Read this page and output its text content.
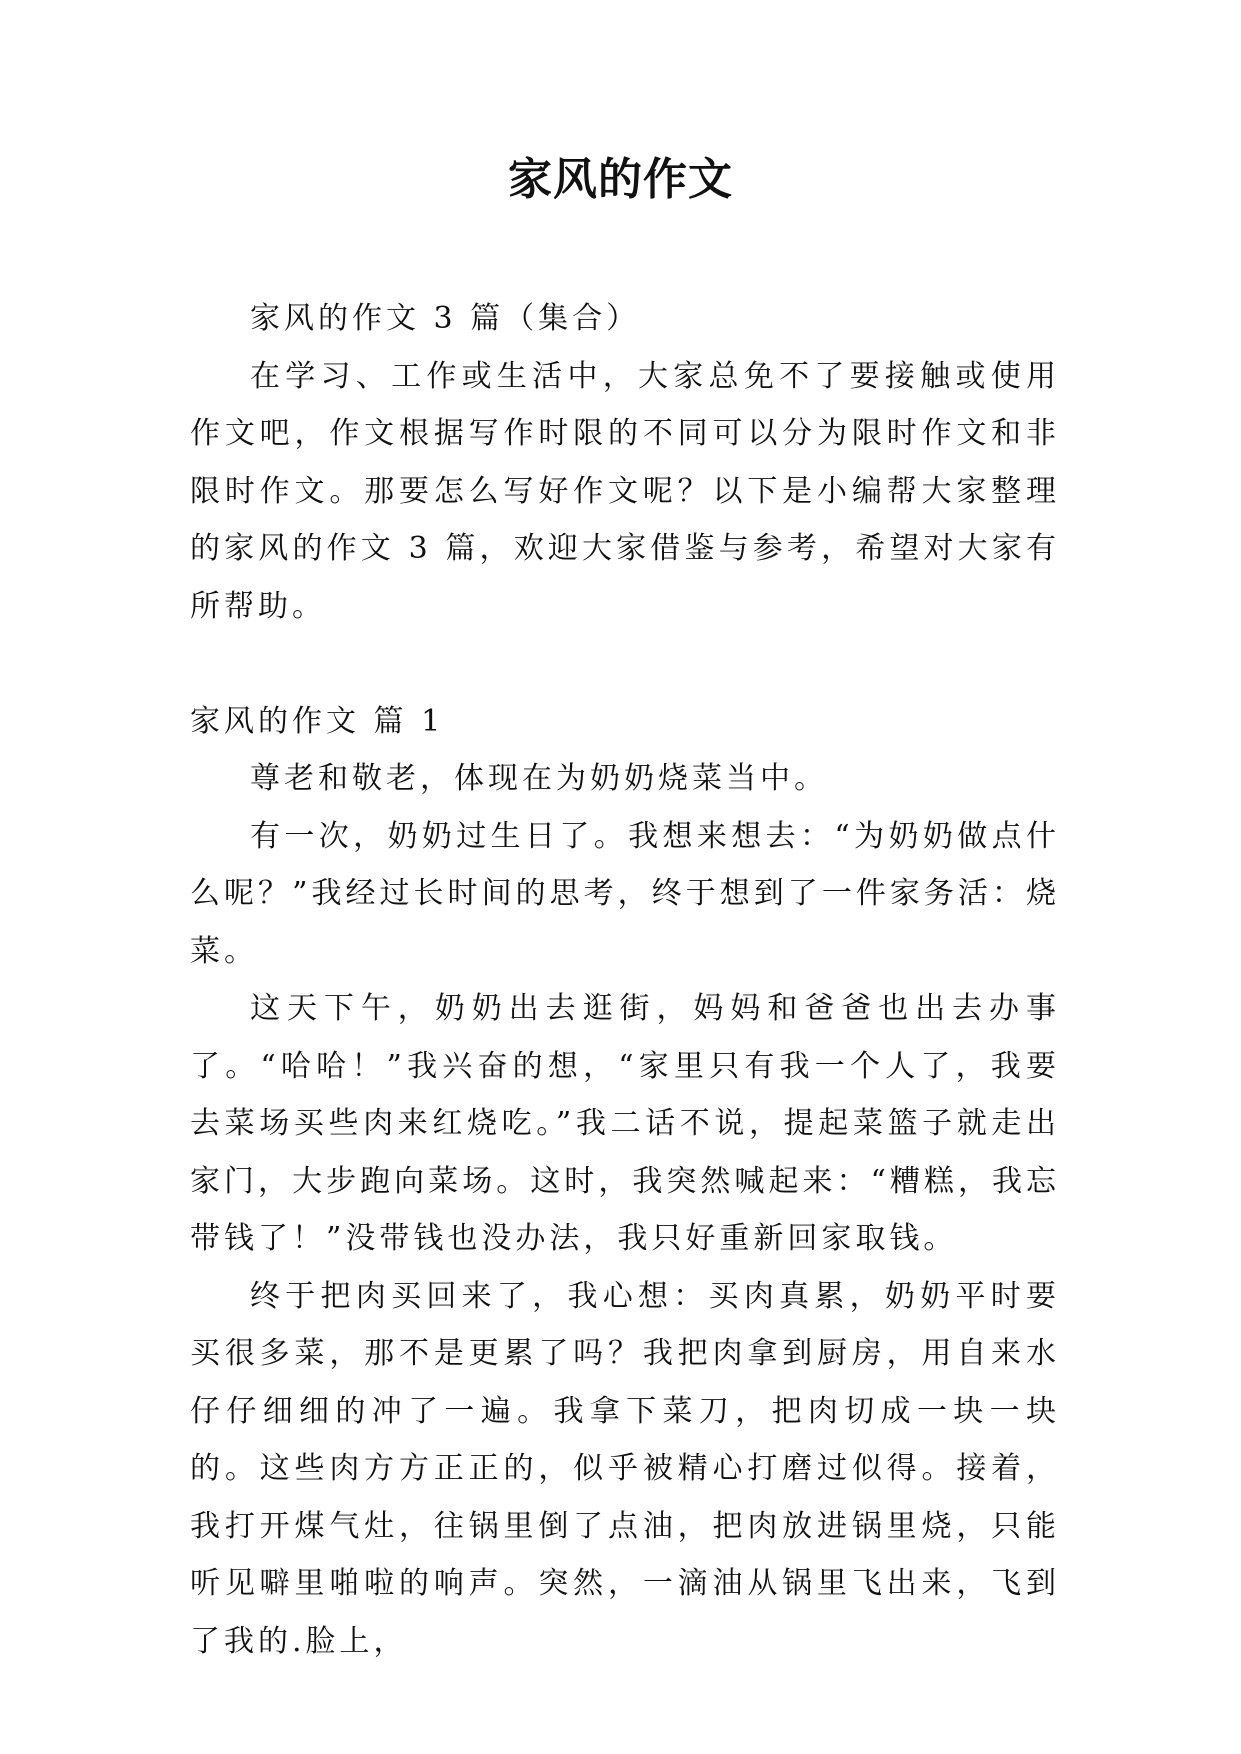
家风的作文

家风的作文 3 篇（集合）

在学习、工作或生活中，大家总免不了要接触或使用作文吧，作文根据写作时限的不同可以分为限时作文和非限时作文。那要怎么写好作文呢？以下是小编帮大家整理的家风的作文 3 篇，欢迎大家借鉴与参考，希望对大家有所帮助。

家风的作文 篇 1

尊老和敬老，体现在为奶奶烧菜当中。

有一次，奶奶过生日了。我想来想去：“为奶奶做点什么呢？”我经过长时间的思考，终于想到了一件家务活：烧菜。

这天下午，奶奶出去逛街，妈妈和爸爸也出去办事了。“哈哈！”我兴奋的想，“家里只有我一个人了，我要去菜场买些肉来红烧吃。”我二话不说，提起菜篮子就走出家门，大步跑向菜场。这时，我突然喊起来：“糟糕，我忘带钱了！”没带钱也没办法，我只好重新回家取钱。

终于把肉买回来了，我心想：买肉真累，奶奶平时要买很多菜，那不是更累了吗？我把肉拿到厨房，用自来水仔仔细细的冲了一遍。我拿下菜刀，把肉切成一块一块的。这些肉方方正正的，似乎被精心打磨过似得。接着，我打开煤气灶，往锅里倒了点油，把肉放进锅里烧，只能听见噼里啪啦的响声。突然，一滴油从锅里飞出来，飞到了我的.脸上，
